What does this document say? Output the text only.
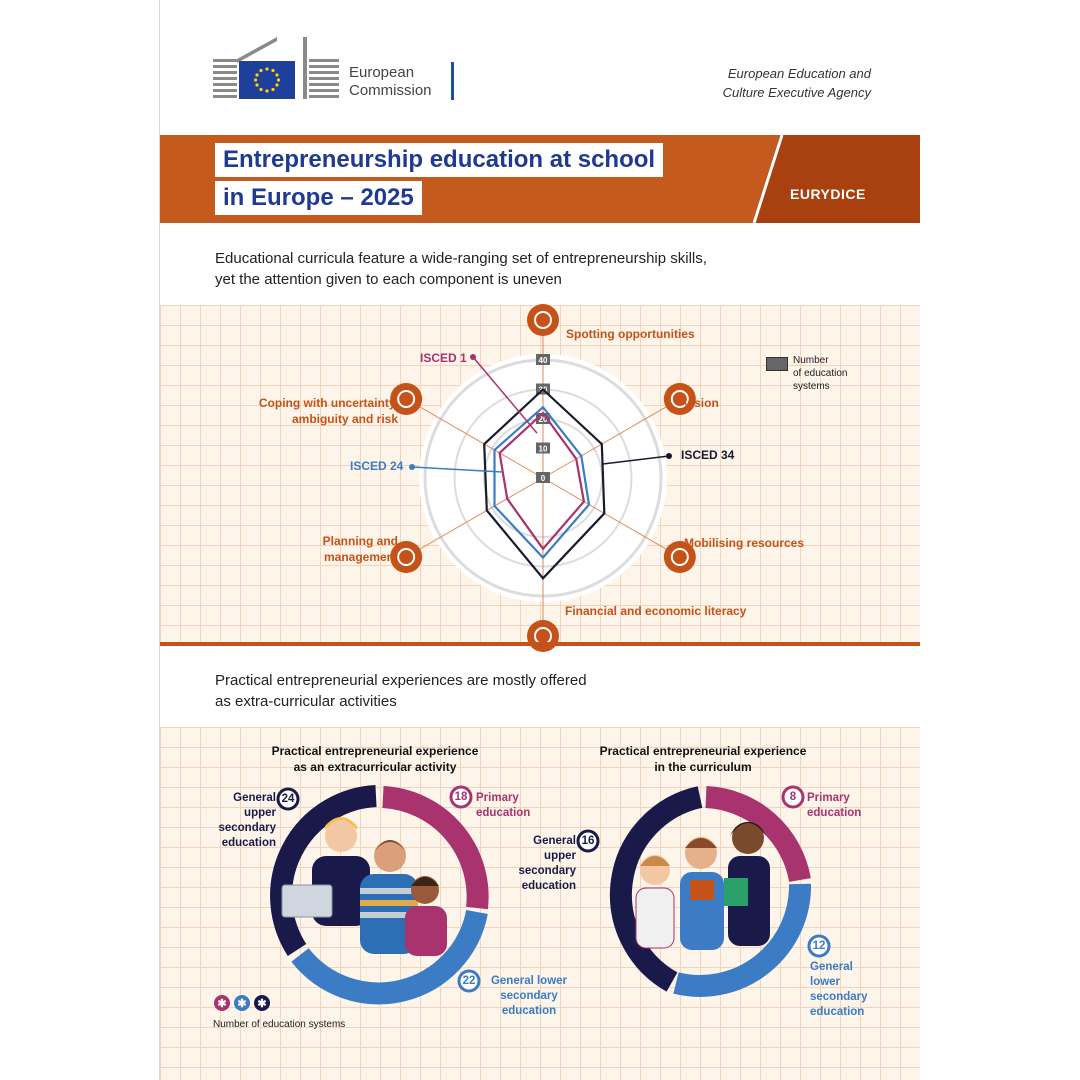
European
Commission
European Education and
Culture Executive Agency
Entrepreneurship education at school
in Europe – 2025	EURYDICE
Educational curricula feature a wide-ranging set of entrepreneurship skills,
yet the attention given to each component is uneven
0
10
20
30
40
Spotting opportunities
Vision
Mobilising resources
Financial and economic literacy
Planning and
management
Coping with uncertainty,
ambiguity and risk
ISCED 1
ISCED 24
ISCED 34
Number
of education
systems
Practical entrepreneurial experiences are mostly offered
as extra-curricular activities
Practical entrepreneurial experience
as an extracurricular activity
Practical entrepreneurial experience
in the curriculum
✱ ✱ ✱
24	18
22
16
8
12
General
upper
secondary
education
Primary
education
General lower
secondary
education
General
upper
secondary
education
Primary
education
General
lower
secondary
education
Number of education systems
